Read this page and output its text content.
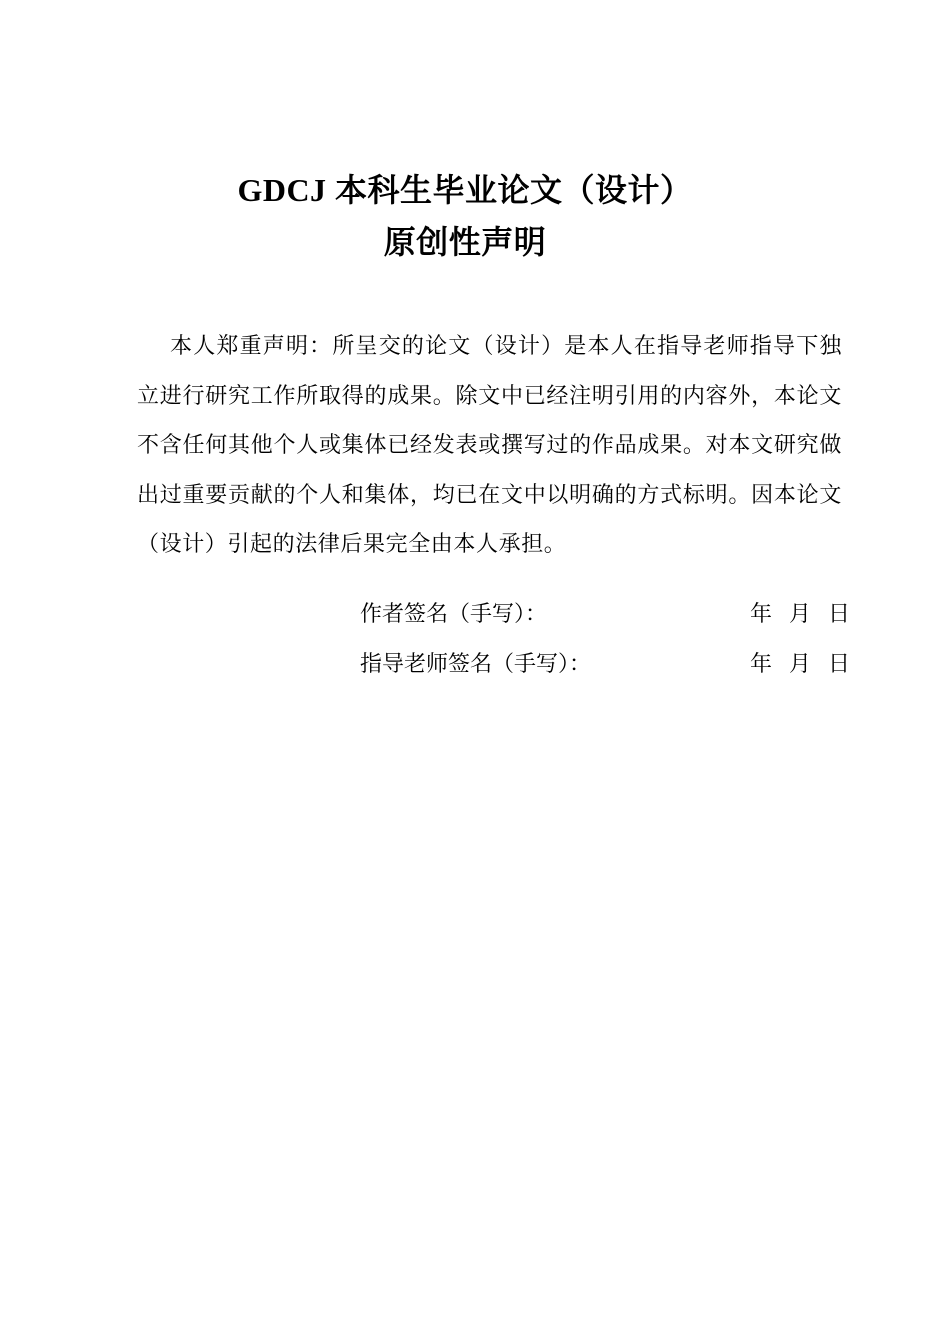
GDCJ 本科生毕业论文（设计）
原创性声明
本人郑重声明：所呈交的论文（设计）是本人在指导老师指导下独立进行研究工作所取得的成果。除文中已经注明引用的内容外，本论文不含任何其他个人或集体已经发表或撰写过的作品成果。对本文研究做出过重要贡献的个人和集体，均已在文中以明确的方式标明。因本论文（设计）引起的法律后果完全由本人承担。
作者签名（手写）：	年 月 日
指导老师签名（手写）：	年 月 日
